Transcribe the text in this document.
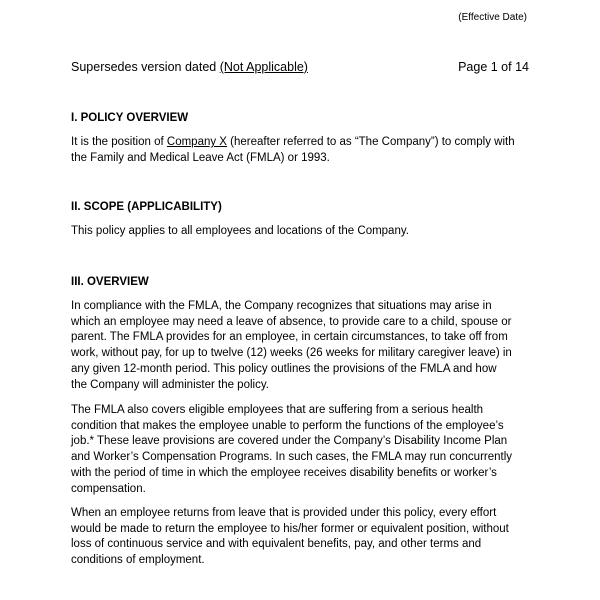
(Effective Date)
Supersedes version dated (Not Applicable)	Page 1 of 14
I. POLICY OVERVIEW

It is the position of Company X (hereafter referred to as “The Company”) to comply with
the Family and Medical Leave Act (FMLA) or 1993.

II. SCOPE (APPLICABILITY)

This policy applies to all employees and locations of the Company.

III. OVERVIEW

In compliance with the FMLA, the Company recognizes that situations may arise in
which an employee may need a leave of absence, to provide care to a child, spouse or
parent. The FMLA provides for an employee, in certain circumstances, to take off from
work, without pay, for up to twelve (12) weeks (26 weeks for military caregiver leave) in
any given 12-month period. This policy outlines the provisions of the FMLA and how
the Company will administer the policy.

The FMLA also covers eligible employees that are suffering from a serious health
condition that makes the employee unable to perform the functions of the employee’s
job.* These leave provisions are covered under the Company’s Disability Income Plan
and Worker’s Compensation Programs. In such cases, the FMLA may run concurrently
with the period of time in which the employee receives disability benefits or worker’s
compensation.

When an employee returns from leave that is provided under this policy, every effort
would be made to return the employee to his/her former or equivalent position, without
loss of continuous service and with equivalent benefits, pay, and other terms and
conditions of employment.
